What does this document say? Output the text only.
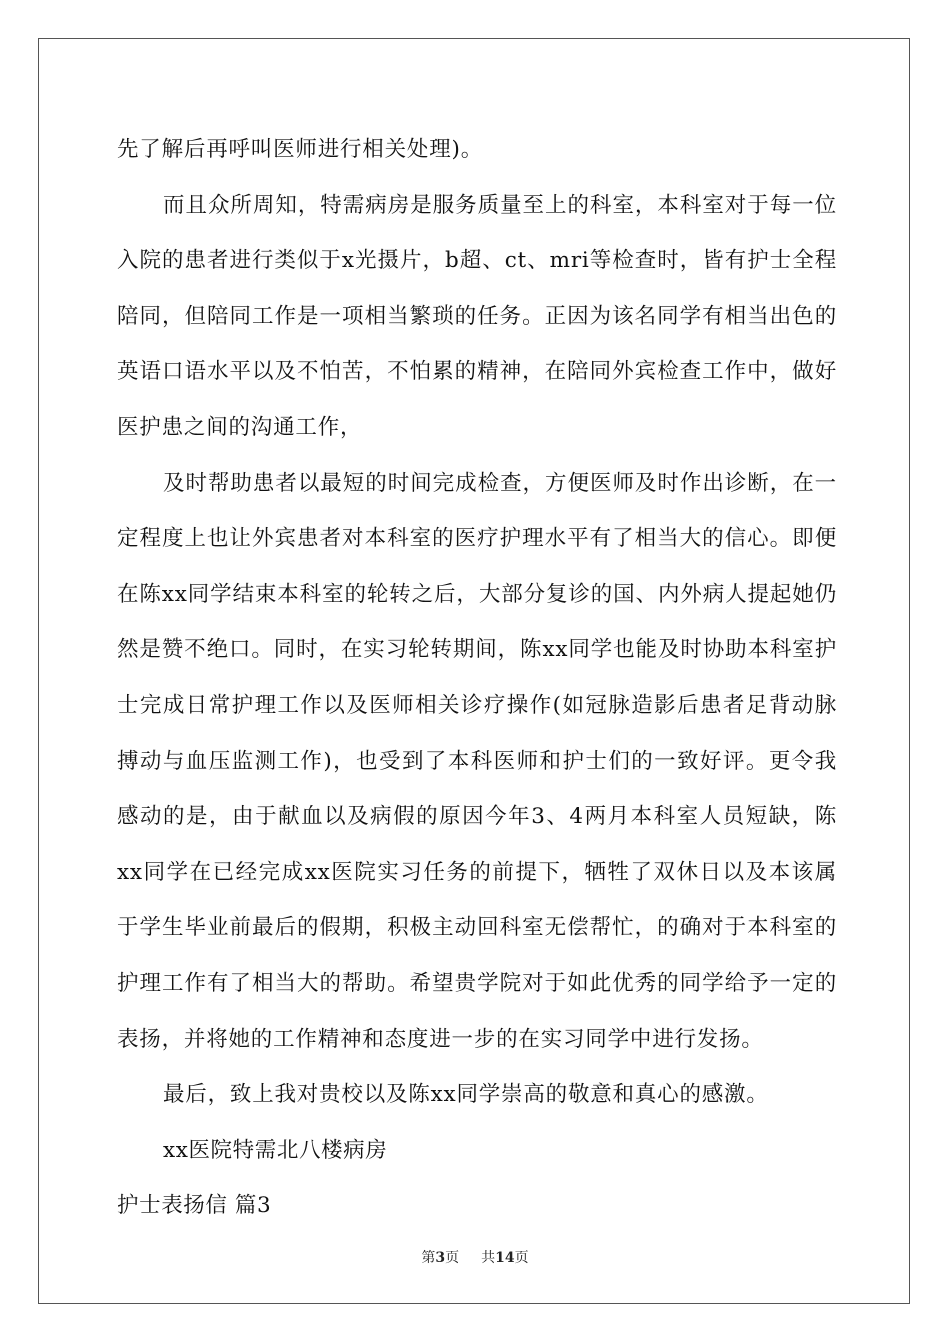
先了解后再呼叫医师进行相关处理)。

而且众所周知，特需病房是服务质量至上的科室，本科室对于每一位入院的患者进行类似于x光摄片，b超、ct、mri等检查时，皆有护士全程陪同，但陪同工作是一项相当繁琐的任务。正因为该名同学有相当出色的英语口语水平以及不怕苦，不怕累的精神，在陪同外宾检查工作中，做好医护患之间的沟通工作，

及时帮助患者以最短的时间完成检查，方便医师及时作出诊断，在一定程度上也让外宾患者对本科室的医疗护理水平有了相当大的信心。即便在陈xx同学结束本科室的轮转之后，大部分复诊的国、内外病人提起她仍然是赞不绝口。同时，在实习轮转期间，陈xx同学也能及时协助本科室护士完成日常护理工作以及医师相关诊疗操作(如冠脉造影后患者足背动脉搏动与血压监测工作)，也受到了本科医师和护士们的一致好评。更令我感动的是，由于献血以及病假的原因今年3、4两月本科室人员短缺，陈xx同学在已经完成xx医院实习任务的前提下，牺牲了双休日以及本该属于学生毕业前最后的假期，积极主动回科室无偿帮忙，的确对于本科室的护理工作有了相当大的帮助。希望贵学院对于如此优秀的同学给予一定的表扬，并将她的工作精神和态度进一步的在实习同学中进行发扬。

最后，致上我对贵校以及陈xx同学崇高的敬意和真心的感激。

xx医院特需北八楼病房

护士表扬信 篇3

第3页 共14页
